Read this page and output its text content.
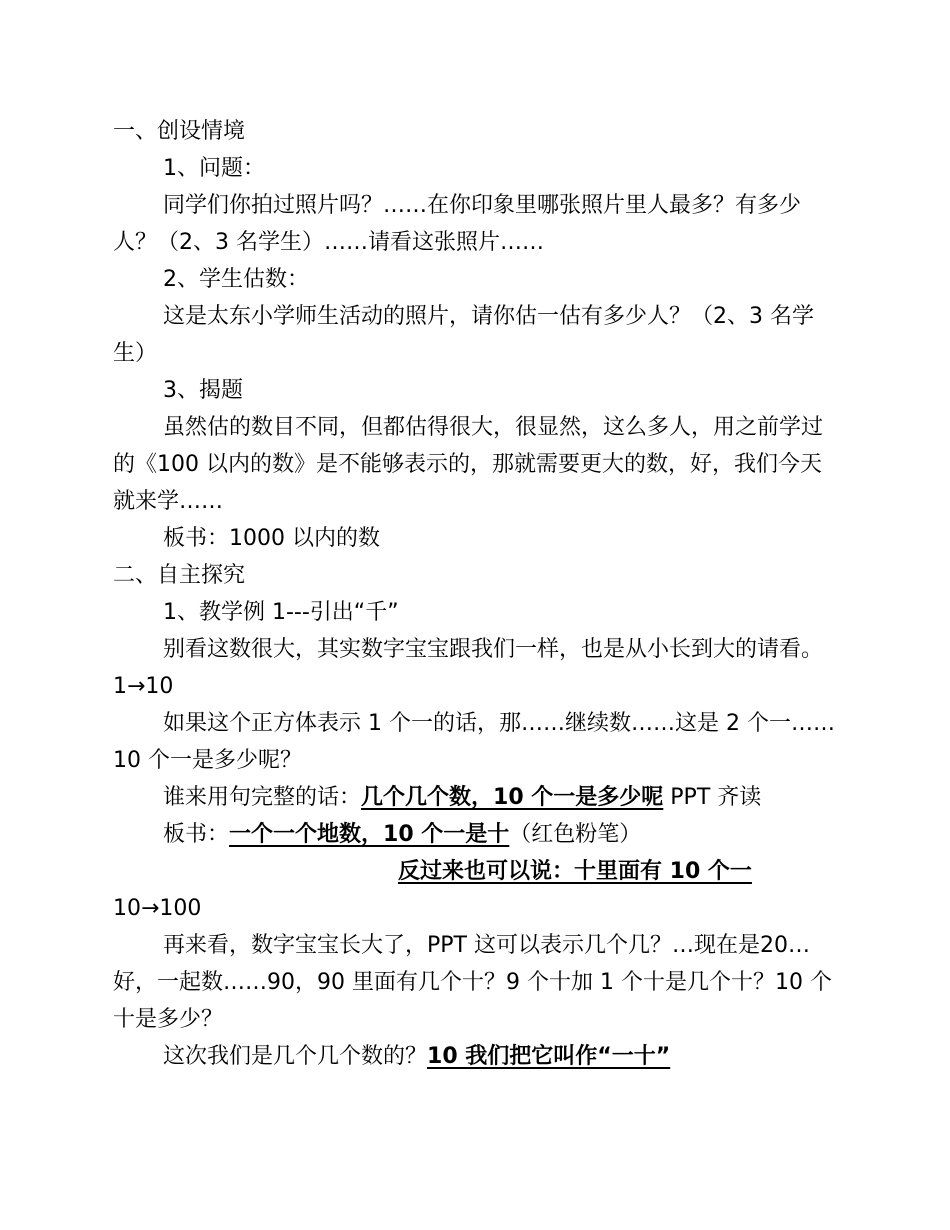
一、创设情境

1、问题：

同学们你拍过照片吗？……在你印象里哪张照片里人最多？有多少人？（2、3 名学生）……请看这张照片……

2、学生估数：

这是太东小学师生活动的照片，请你估一估有多少人？（2、3 名学生）

3、揭题

虽然估的数目不同，但都估得很大，很显然，这么多人，用之前学过的《100 以内的数》是不能够表示的，那就需要更大的数，好，我们今天就来学……

板书：1000 以内的数

二、自主探究

1、教学例 1---引出“千”

别看这数很大，其实数字宝宝跟我们一样，也是从小长到大的请看。

1→10

如果这个正方体表示 1 个一的话，那……继续数……这是 2 个一……10 个一是多少呢？

谁来用句完整的话：几个几个数，10 个一是多少呢 PPT 齐读

板书：一个一个地数，10 个一是十（红色粉笔）

反过来也可以说：十里面有 10 个一

10→100

再来看，数字宝宝长大了，PPT 这可以表示几个几？…现在是20…好，一起数……90，90 里面有几个十？9 个十加 1 个十是几个十？10 个十是多少？

这次我们是几个几个数的？10 我们把它叫作“一十”
